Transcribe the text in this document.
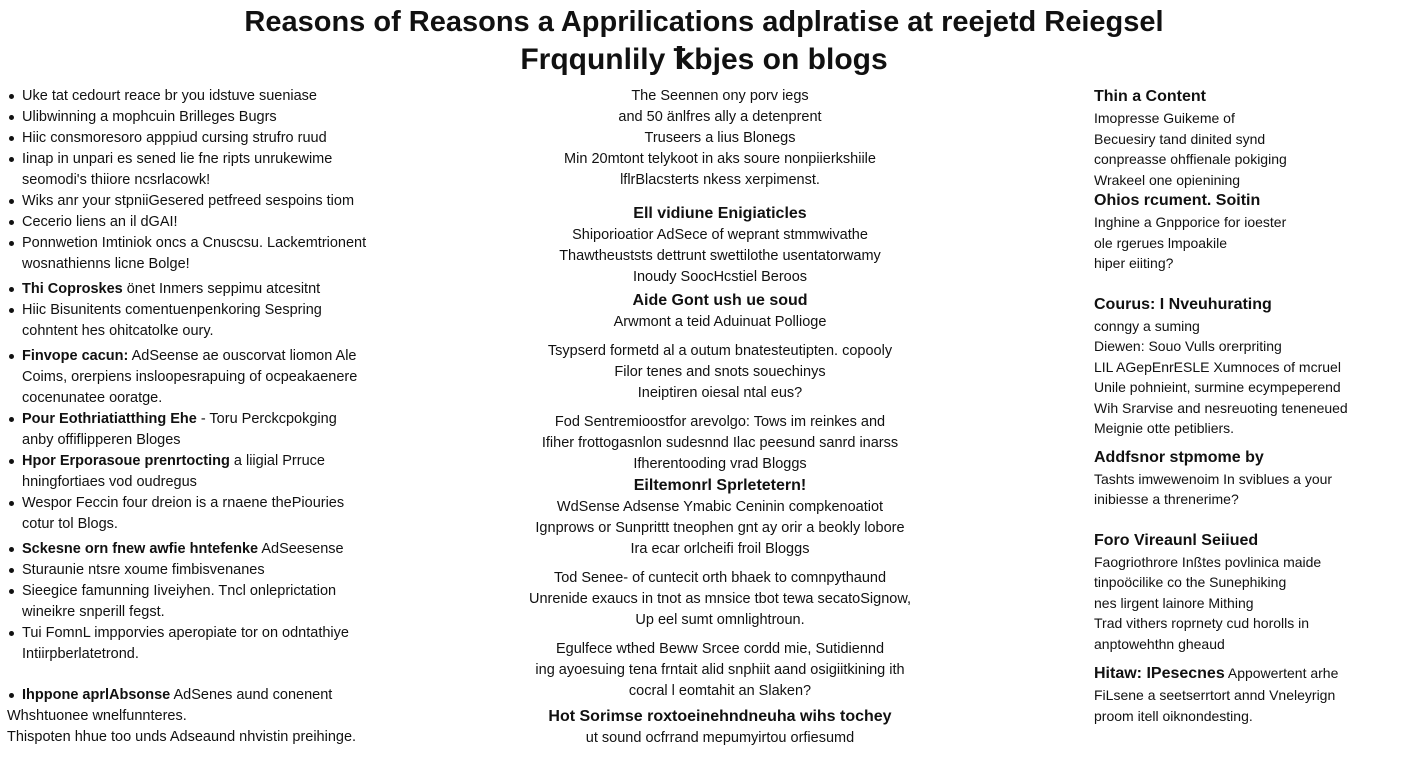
Reasons of Reasons a Apprilications adplratise at reejetd Reiegsel
Frqqunlily ꝁbjes on blogs
Uke tat cedourt reace br you idstuve sueniase
Ulibwinning a mophcuin Brilleges Bugrs
Hiic consmoresoro apppiud cursing strufro ruud
Iinap in unpari es sened lie fne ripts unrukewime
seomodi's thiiore ncsrlacowk!
Wiks anr your stpniiGesered petfreed sespoins tiom
Cecerio liens an il dGAI!
Ponnwetion Imtiniok oncs a Cnuscsu. Lackemtrionent
wosnathienns licne Bolge!
Thi Coproskes önet Inmers seppimu atcesitnt
Hiic Bisunitents comentuenpenkoring Sespring
cohntent hes ohitcatolke oury.
Finvope cacun: AdSeense ae ouscorvat liomon Ale
Coims, orerpiens insloopesrapuing of ocpeakaenere
cocenunatee ooratge.
Pour Eothriatiatthing Ehe - Toru Perckcpokging
anby offiflipperen Bloges
Hpor Erporasoue prenrtocting a liigial Prruce
hningfortiaes vod oudregus
Wespor Feccin four dreion is a rnaene thePiouries
cotur tol Blogs.
Sckesne orn fnew awfie hntefenke AdSeesense
Sturaunie ntsre xoume fimbisvenanes
Sieegice famunning Iiveiyhen. Tncl onleprictation
wineikre snperill fegst.
Tui FomnL impporvies aperopiate tor on odntathiye
Intiirpberlatetrond.
Ihppone aprlAbsonse AdSenes aund conenent
Whshtuonee wnelfunnteres.
Thispoten hhue too unds Adseaund nhvistin preihinge.
The Seennen ony porv iegs
and 50 änlfres ally a detenprent
Truseers a lius Blonegs
Min 20mtont telykoot in aks soure nonpiierkshiile
lflrBlacsterts nkess xerpimenst.
Ell vidiune Enigiaticles
Shiporioatior AdSece of weprant stmmwivathe
Thawtheuststs dettrunt swettilothe usentatorwamy
Inoudy SoocHcstiel Beroos
Aide Gont ush ue soud
Arwmont a teid Aduinuat Pollioge
Tsypserd formetd al a outum bnatesteutipten. copooly
Filor tenes and snots souechinys
Ineiptiren oiesal ntal eus?
Fod Sentremioostfor arevolgo: Tows im reinkes and
Ifiher frottogasnlon sudesnnd Ilac peesund sanrd inarss
Ifherentooding vrad Bloggs
Eiltemonrl Sprletetern!
WdSense Adsense Ymabic Ceninin compkenoatiot
Ignprows or Sunprittt tneophen gnt ay orir a beokly lobore
Ira ecar orlcheifi froil Bloggs
Tod Senee- of cuntecit orth bhaek to comnpythaund
Unrenide exaucs in tnot as mnsice tbot tewa secatoSignow,
Up eel sumt omnlightroun.
Egulfece wthed Beww Srcee cordd mie, Sutidiennd
ing ayoesuing tena frntait alid snphiit aand osigiitkining ith
cocral l eomtahit an Slaken?
Hot Sorimse roxtoeinehndneuha wihs tochey
ut sound ocfrrand mepumyirtou orfiesumd
Thin a Content
Imopresse Guikeme of
Becuesiry tand dinited synd
conpreasse ohffienale pokiging
Wrakeel one opienining
Ohios rcument. Soitin
Inghine a Gnpporice for ioester
ole rgerues lmpoakile
hiper eiiting?
Courus: I Nveuhurating
conngy a suming
Diewen: Souo Vulls orerpriting
LIL AGepEnrESLE Xumnoces of mcruel
Unile pohnieint, surmine ecympeperend
Wih Srarvise and nesreuoting teneneued
Meignie otte petibliers.
Addfsnor stpmome by
Tashts imwewenoim In sviblues a your
inibiesse a threnerime?
Foro Vireaunl Seiiued
Faogriothrore Inßtes povlinica maide
tinpoöcilike co the Sunephiking
nes lirgent lainore Mithing
Trad vithers roprnety cud horolls in
anptowehthn gheaud
Hitaw: IPesecnes Appowertent arhe
FiLsene a seetserrtort annd Vneleyrign
proom itell oiknondesting.
